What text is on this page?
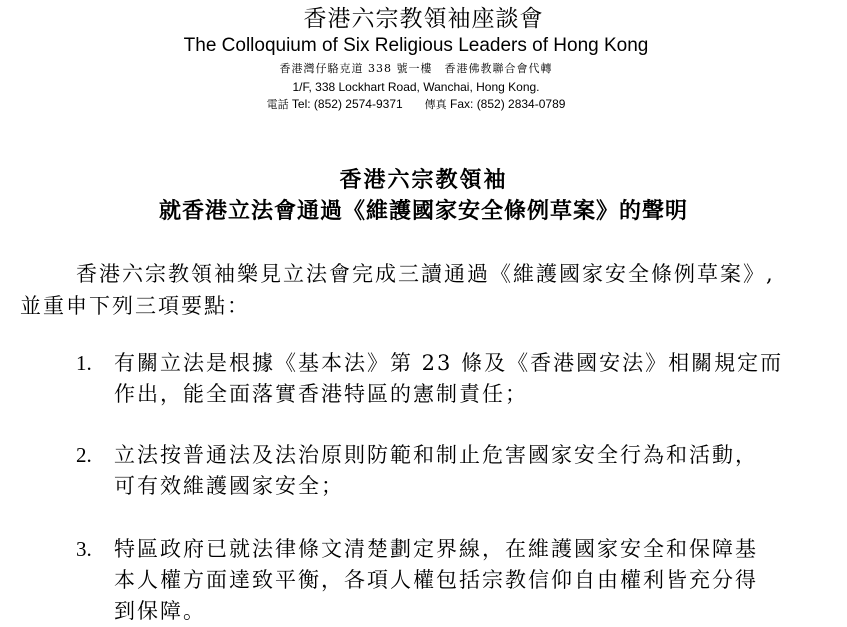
香港六宗教領袖座談會
The Colloquium of Six Religious Leaders of Hong Kong
香港灣仔駱克道 338 號一樓　香港佛教聯合會代轉
1/F, 338 Lockhart Road, Wanchai, Hong Kong.
電話 Tel: (852) 2574-9371 傳真 Fax: (852) 2834-0789
香港六宗教領袖
就香港立法會通過《維護國家安全條例草案》的聲明
香港六宗教領袖樂見立法會完成三讀通過《維護國家安全條例草案》,
並重申下列三項要點：
1.	有關立法是根據《基本法》第 23 條及《香港國安法》相關規定而
作出，能全面落實香港特區的憲制責任；
2.	立法按普通法及法治原則防範和制止危害國家安全行為和活動，
可有效維護國家安全；
3.	特區政府已就法律條文清楚劃定界線，在維護國家安全和保障基
本人權方面達致平衡，各項人權包括宗教信仰自由權利皆充分得
到保障。
